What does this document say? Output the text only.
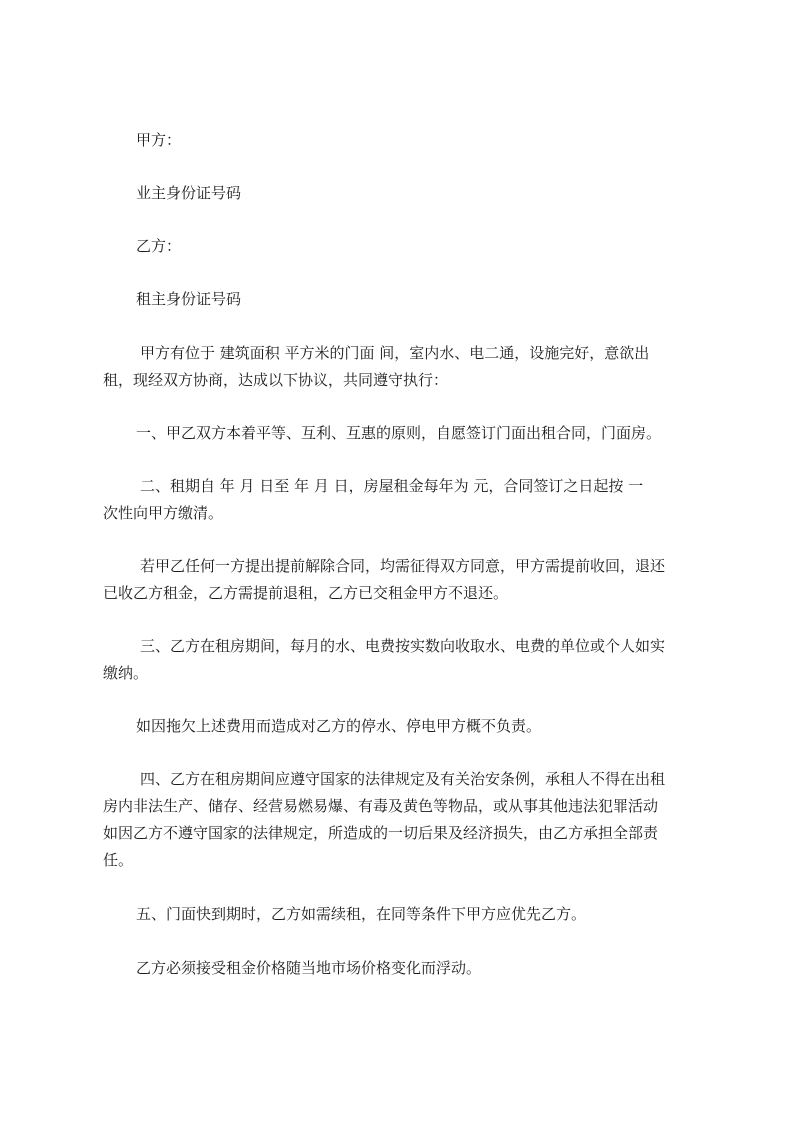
甲方：
业主身份证号码
乙方：
租主身份证号码
甲方有位于 建筑面积 平方米的门面 间，室内水、电二通，设施完好，意欲出
租，现经双方协商，达成以下协议，共同遵守执行：
一、甲乙双方本着平等、互利、互惠的原则，自愿签订门面出租合同，门面房。
二、租期自 年 月 日至 年 月 日，房屋租金每年为 元，合同签订之日起按 一
次性向甲方缴清。
若甲乙任何一方提出提前解除合同，均需征得双方同意，甲方需提前收回，退还
已收乙方租金，乙方需提前退租，乙方已交租金甲方不退还。
三、乙方在租房期间，每月的水、电费按实数向收取水、电费的单位或个人如实
缴纳。
如因拖欠上述费用而造成对乙方的停水、停电甲方概不负责。
四、乙方在租房期间应遵守国家的法律规定及有关治安条例，承租人不得在出租
房内非法生产、储存、经营易燃易爆、有毒及黄色等物品，或从事其他违法犯罪活动
如因乙方不遵守国家的法律规定，所造成的一切后果及经济损失，由乙方承担全部责
任。
五、门面快到期时，乙方如需续租，在同等条件下甲方应优先乙方。
乙方必须接受租金价格随当地市场价格变化而浮动。
